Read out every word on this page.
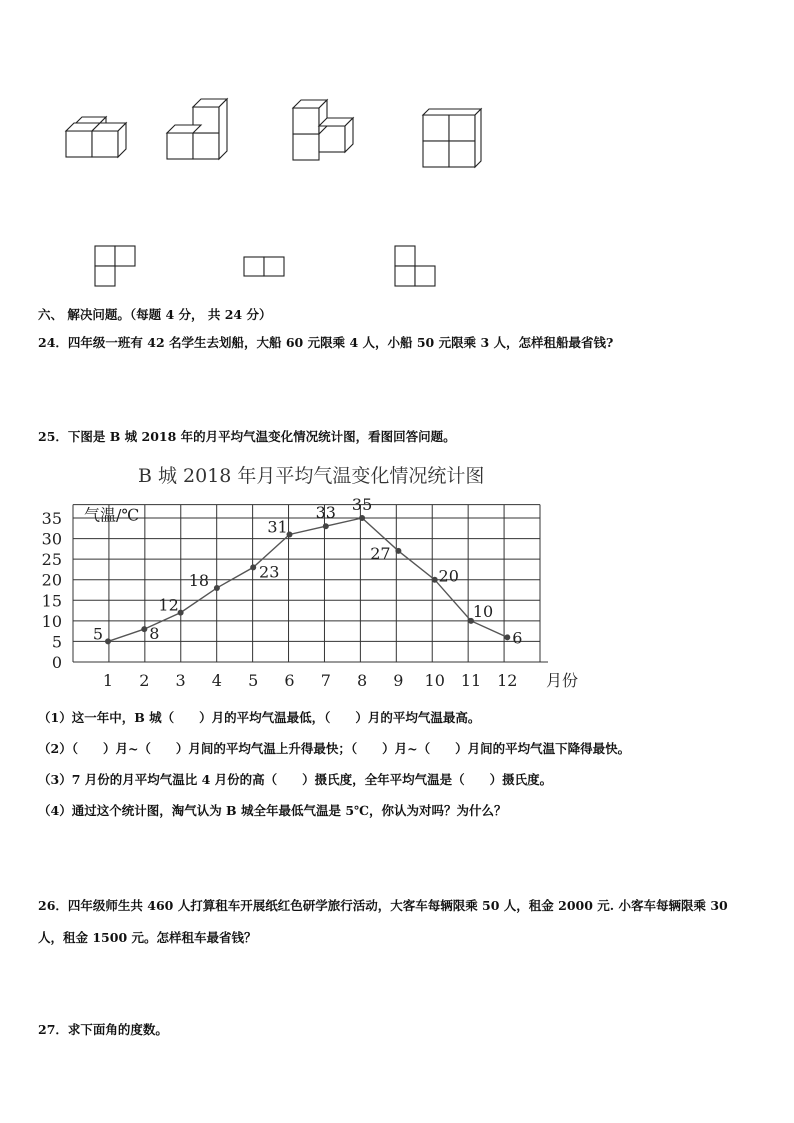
六、 解决问题。（每题 4 分， 共 24 分）
24．四年级一班有 42 名学生去划船，大船 60 元限乘 4 人，小船 50 元限乘 3 人，怎样租船最省钱?
25．下图是 B 城 2018 年的月平均气温变化情况统计图，看图回答问题。
B 城 2018 年月平均气温变化情况统计图
气温/℃
0
5
10
15
20
25
30
35
1 2 3 4 5 6 7 8 9 10 11 12 月份
5	8
12
18	23
31
33 35
27
20
10
6
（1）这一年中，B 城（　　）月的平均气温最低，（　　）月的平均气温最高。
（2）（　　）月~（　　）月间的平均气温上升得最快；（　　）月~（　　）月间的平均气温下降得最快。
（3）7 月份的月平均气温比 4 月份的高（　　）摄氏度，全年平均气温是（　　）摄氏度。
（4）通过这个统计图，淘气认为 B 城全年最低气温是 5℃，你认为对吗？为什么？
26．四年级师生共 460 人打算租车开展纸红色研学旅行活动，大客车每辆限乘 50 人，租金 2000 元. 小客车每辆限乘 30
人，租金 1500 元。怎样租车最省钱？
27．求下面角的度数。
